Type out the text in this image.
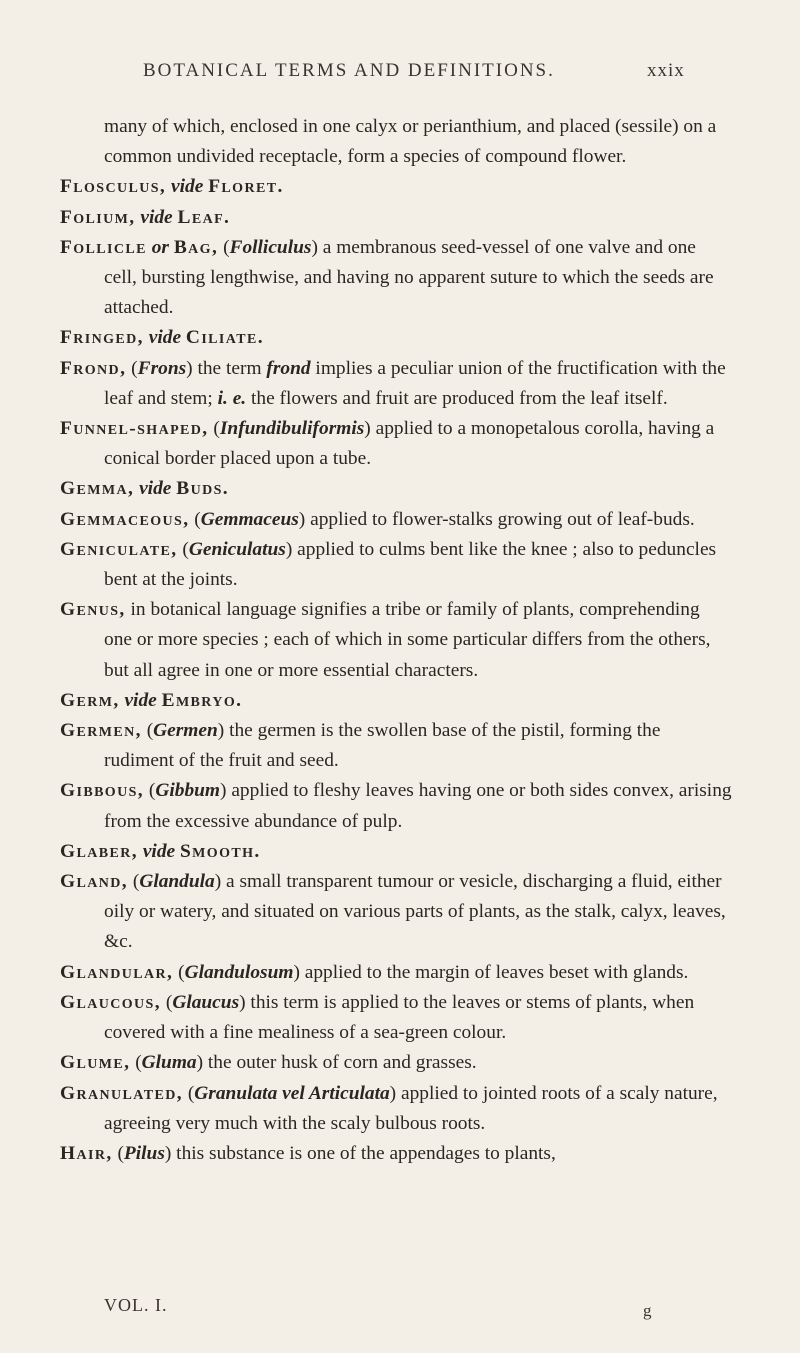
BOTANICAL TERMS AND DEFINITIONS.	xxix

many of which, enclosed in one calyx or perianthium, and placed (sessile) on a common undivided receptacle, form a species of compound flower.

Flosculus, vide Floret.

Folium, vide Leaf.

Follicle or Bag, (Folliculus) a membranous seed-vessel of one valve and one cell, bursting lengthwise, and having no apparent suture to which the seeds are attached.

Fringed, vide Ciliate.

Frond, (Frons) the term frond implies a peculiar union of the fructification with the leaf and stem; i. e. the flowers and fruit are produced from the leaf itself.

Funnel-shaped, (Infundibuliformis) applied to a monopetalous corolla, having a conical border placed upon a tube.

Gemma, vide Buds.

Gemmaceous, (Gemmaceus) applied to flower-stalks growing out of leaf-buds.

Geniculate, (Geniculatus) applied to culms bent like the knee ; also to peduncles bent at the joints.

Genus, in botanical language signifies a tribe or family of plants, comprehending one or more species ; each of which in some particular differs from the others, but all agree in one or more essential characters.

Germ, vide Embryo.

Germen, (Germen) the germen is the swollen base of the pistil, forming the rudiment of the fruit and seed.

Gibbous, (Gibbum) applied to fleshy leaves having one or both sides convex, arising from the excessive abundance of pulp.

Glaber, vide Smooth.

Gland, (Glandula) a small transparent tumour or vesicle, discharging a fluid, either oily or watery, and situated on various parts of plants, as the stalk, calyx, leaves, &c.

Glandular, (Glandulosum) applied to the margin of leaves beset with glands.

Glaucous, (Glaucus) this term is applied to the leaves or stems of plants, when covered with a fine mealiness of a sea-green colour.

Glume, (Gluma) the outer husk of corn and grasses.

Granulated, (Granulata vel Articulata) applied to jointed roots of a scaly nature, agreeing very much with the scaly bulbous roots.

Hair, (Pilus) this substance is one of the appendages to plants,

VOL. I.	g
